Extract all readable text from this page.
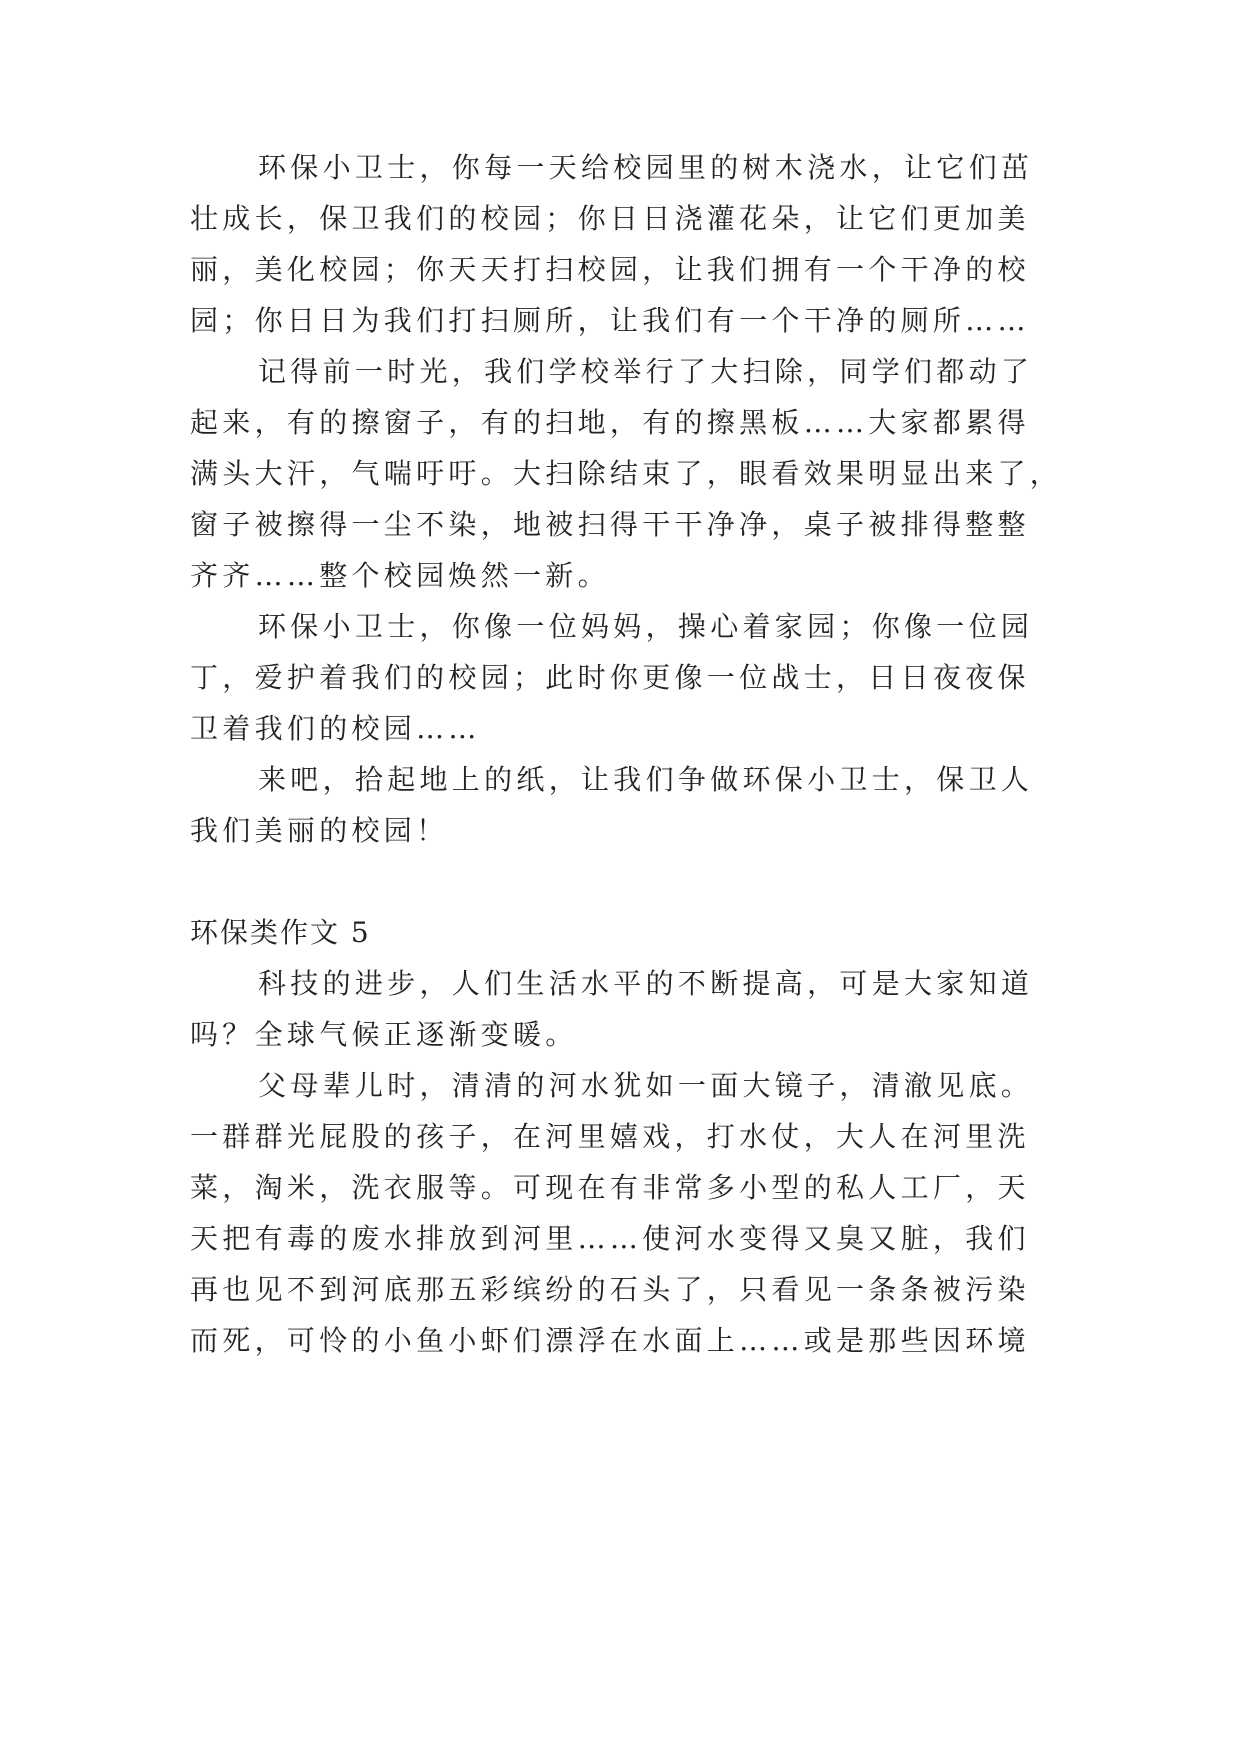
环保小卫士，你每一天给校园里的树木浇水，让它们茁
壮成长，保卫我们的校园；你日日浇灌花朵，让它们更加美
丽，美化校园；你天天打扫校园，让我们拥有一个干净的校
园；你日日为我们打扫厕所，让我们有一个干净的厕所……
记得前一时光，我们学校举行了大扫除，同学们都动了
起来，有的擦窗子，有的扫地，有的擦黑板……大家都累得
满头大汗，气喘吁吁。大扫除结束了，眼看效果明显出来了，
窗子被擦得一尘不染，地被扫得干干净净，桌子被排得整整
齐齐……整个校园焕然一新。
环保小卫士，你像一位妈妈，操心着家园；你像一位园
丁，爱护着我们的校园；此时你更像一位战士，日日夜夜保
卫着我们的校园……
来吧，拾起地上的纸，让我们争做环保小卫士，保卫人
我们美丽的校园！
环保类作文 5
科技的进步，人们生活水平的不断提高，可是大家知道
吗？全球气候正逐渐变暖。
父母辈儿时，清清的河水犹如一面大镜子，清澈见底。
一群群光屁股的孩子，在河里嬉戏，打水仗，大人在河里洗
菜，淘米，洗衣服等。可现在有非常多小型的私人工厂，天
天把有毒的废水排放到河里……使河水变得又臭又脏，我们
再也见不到河底那五彩缤纷的石头了，只看见一条条被污染
而死，可怜的小鱼小虾们漂浮在水面上……或是那些因环境
